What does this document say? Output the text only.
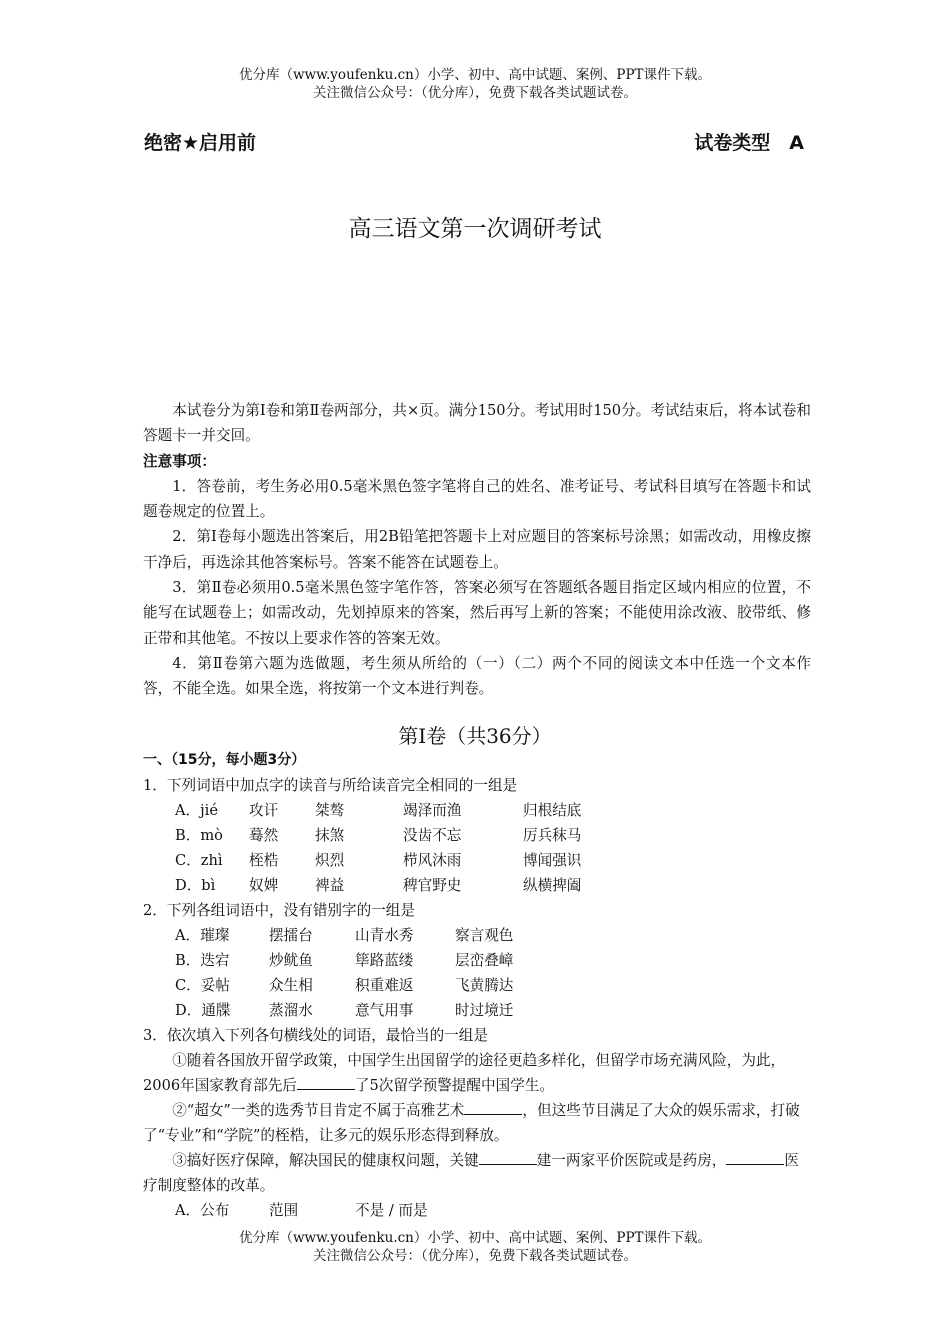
优分库（www.youfenku.cn）小学、初中、高中试题、案例、PPT课件下载。
关注微信公众号：（优分库），免费下载各类试题试卷。
绝密★启用前	试卷类型　A
高三语文第一次调研考试

本试卷分为第Ⅰ卷和第Ⅱ卷两部分，共×页。满分150分。考试用时150分。考试结束后，将本试卷和答题卡一并交回。

注意事项：

1．答卷前，考生务必用0.5毫米黑色签字笔将自己的姓名、准考证号、考试科目填写在答题卡和试题卷规定的位置上。

2．第Ⅰ卷每小题选出答案后，用2B铅笔把答题卡上对应题目的答案标号涂黑；如需改动，用橡皮擦干净后，再选涂其他答案标号。答案不能答在试题卷上。

3．第Ⅱ卷必须用0.5毫米黑色签字笔作答，答案必须写在答题纸各题目指定区域内相应的位置，不能写在试题卷上；如需改动，先划掉原来的答案，然后再写上新的答案；不能使用涂改液、胶带纸、修正带和其他笔。不按以上要求作答的答案无效。

4．第Ⅱ卷第六题为选做题，考生须从所给的（一）（二）两个不同的阅读文本中任选一个文本作答，不能全选。如果全选，将按第一个文本进行判卷。

第Ⅰ卷（共36分）

一、（15分，每小题3分）

1．下列词语中加点字的读音与所给读音完全相同的一组是

A．jié	攻讦	桀骜	竭泽而渔	归根结底
B．mò	蓦然	抹煞	没齿不忘	厉兵秣马
C．zhì	桎梏	炽烈	栉风沐雨	博闻强识
D．bì	奴婢	裨益	稗官野史	纵横捭阖

2．下列各组词语中，没有错别字的一组是

A．璀璨	摆擂台	山青水秀	察言观色
B．迭宕	炒鱿鱼	筚路蓝缕	层峦叠嶂
C．妥帖	众生相	积重难返	飞黄腾达
D．通牒	蒸溜水	意气用事	时过境迁

3．依次填入下列各句横线处的词语，最恰当的一组是

①随着各国放开留学政策，中国学生出国留学的途径更趋多样化，但留学市场充满风险，为此，2006年国家教育部先后	了5次留学预警提醒中国学生。

②“超女”一类的选秀节目肯定不属于高雅艺术	，但这些节目满足了大众的娱乐需求，打破了“专业”和“学院”的桎梏，让多元的娱乐形态得到释放。

③搞好医疗保障，解决国民的健康权问题，关键	建一两家平价医院或是药房，	医疗制度整体的改革。

A．公布	范围	不是 / 而是
优分库（www.youfenku.cn）小学、初中、高中试题、案例、PPT课件下载。
关注微信公众号：（优分库），免费下载各类试题试卷。
